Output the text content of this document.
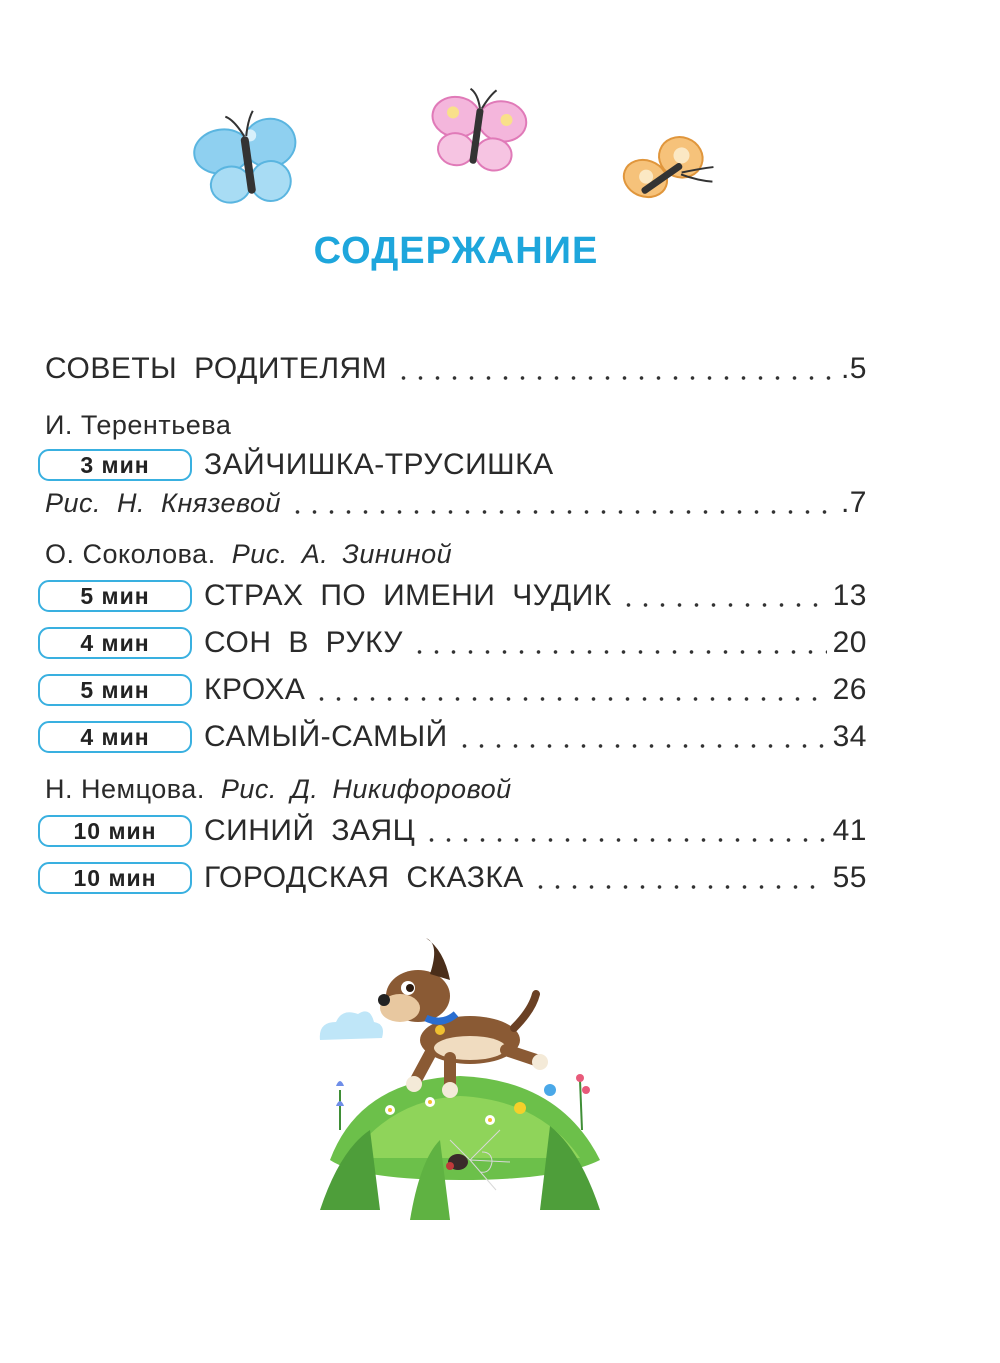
СОДЕРЖАНИЕ
СОВЕТЫ РОДИТЕЛЯМ	.5
И. Терентьева
3 мин	ЗАЙЧИШКА-ТРУСИШКА
Рис. Н. Князевой	.7
О. Соколова. Рис. А. Зининой
5 мин	СТРАХ ПО ИМЕНИ ЧУДИК	13
4 мин	СОН В РУКУ	20
5 мин	КРОХА	26
4 мин	САМЫЙ-САМЫЙ	34
Н. Немцова. Рис. Д. Никифоровой
10 мин	СИНИЙ ЗАЯЦ	41
10 мин	ГОРОДСКАЯ СКАЗКА	55
